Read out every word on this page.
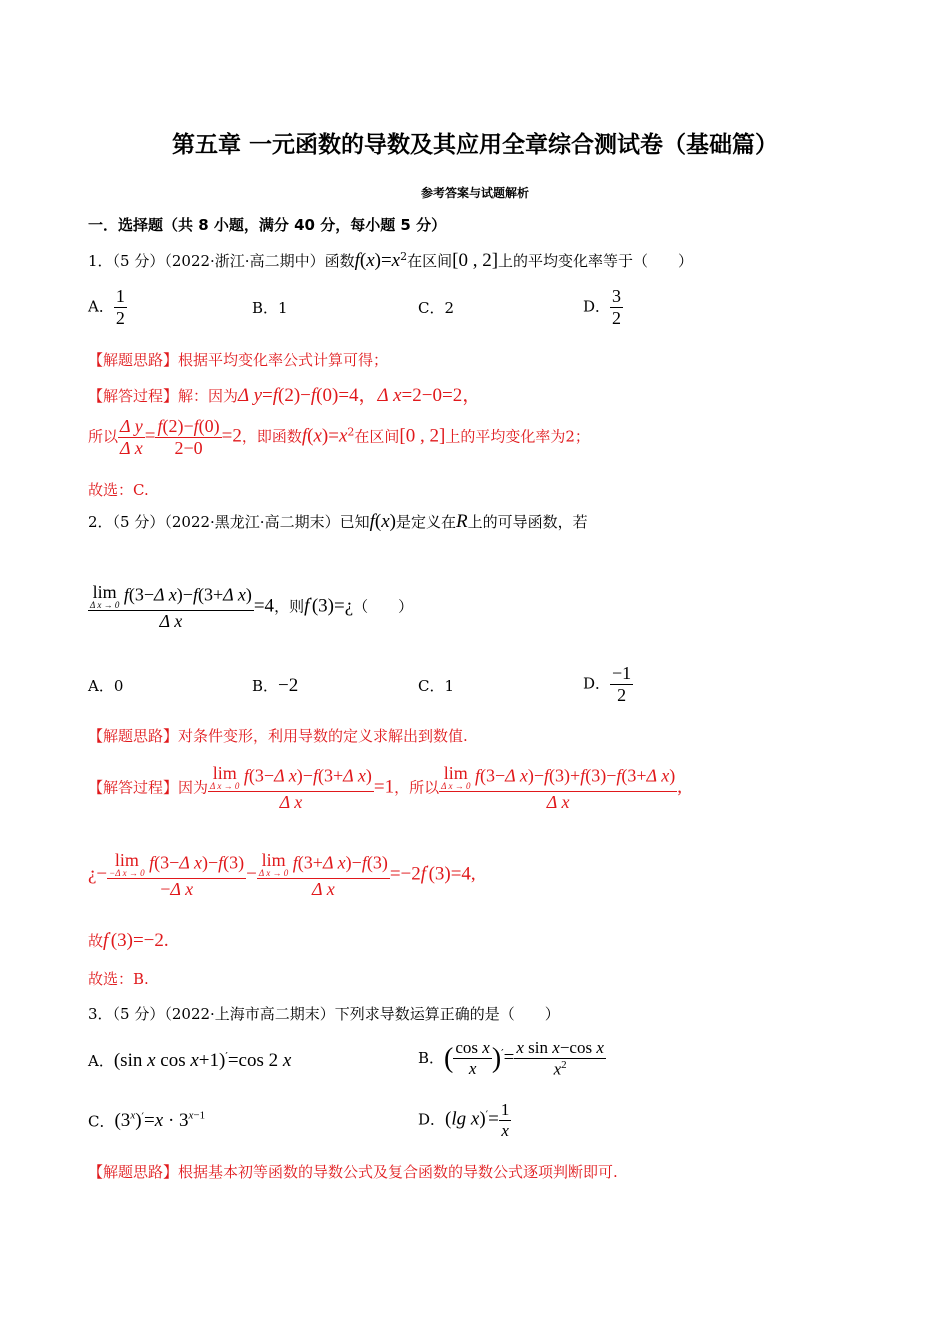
第五章 一元函数的导数及其应用全章综合测试卷（基础篇）
参考答案与试题解析
一．选择题（共 8 小题，满分 40 分，每小题 5 分）
1．（5 分）（2022·浙江·高二期中）函数$f(x)=x^2$在区间[0 , 2]上的平均变化率等于（　　）
A． $\frac{1}{2}$	B．1	C．2	D． $\frac{3}{2}$
【解题思路】根据平均变化率公式计算可得；
【解答过程】解：因为Δ y=f(2)−f(0)=4，Δ x=2−0=2，
所以 $\frac{\text{Δ y}}{\text{Δ x}} = \frac{f(2)-f(0)}{2-0} =2$，即函数$f(x)=x^2$在区间[0 , 2]上的平均变化率为2；
故选：C.
2．（5 分）（2022·黑龙江·高二期末）已知f(x)是定义在R上的可导函数，若
lim
Δ x → 0
f(3−Δ x)−f(3+Δ x)
Δ x =4，则f′(3)=¿（　　）
A．0	B．−2	C．1	D． $\frac{-1}{2}$
【解题思路】对条件变形，利用导数的定义求解出到数值.
【解答过程】因为 lim
Δ x → 0
f(3−Δ x)−f(3+Δ x)
Δ x =1，所以 lim
Δ x → 0
f(3−Δ x)−f(3)+f(3)−f(3+Δ x)
Δ x ,
¿− lim
−Δ x → 0
f(3−Δ x)−f(3)
−Δ x − lim
Δ x → 0
f(3+Δ x)−f(3)
Δ x =−2f′(3)=4,
故f′(3)=−2.
故选：B.
3．（5 分）（2022·上海市高二期末）下列求导数运算正确的是（　　）
A．(sin x cos x+1)′=cos 2 x	B．( $\frac{\text{cos x}}{x} )'= \frac{\text{x sin x−cos x}}{x^2}$
C．$(3^x)'=x \cdot 3^{x-1}$	D．(lg $x)'= \frac{1}{x}$
【解题思路】根据基本初等函数的导数公式及复合函数的导数公式逐项判断即可.
